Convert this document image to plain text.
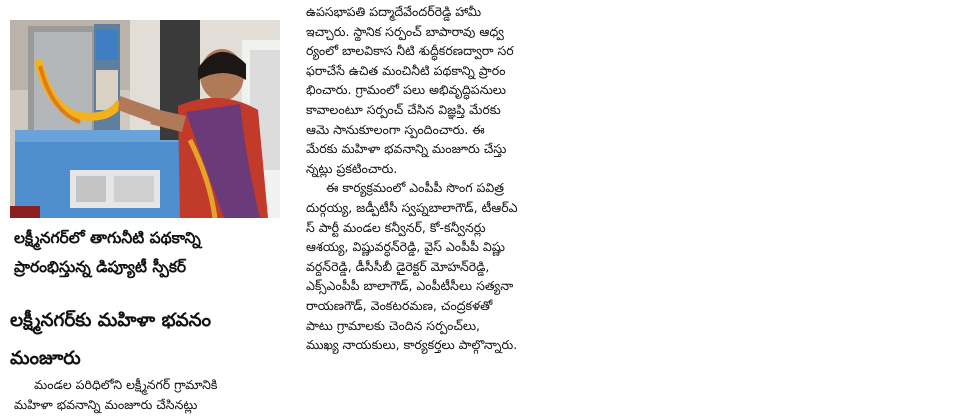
లక్ష్మీనగర్‌లో తాగునీటి పథకాన్ని
ప్రారంభిస్తున్న డిప్యూటీ స్పీకర్
లక్ష్మీనగర్‌కు మహిళా భవనం
మంజూరు
మండల పరిధిలోని లక్ష్మీనగర్ గ్రామానికి
మహిళా భవనాన్ని మంజూరు చేసినట్లు
ఉపసభాపతి పద్మాదేవేందర్‌రెడ్డి హామీ
ఇచ్చారు. స్థానిక సర్పంచ్ బాపారావు ఆధ్వ
ర్యంలో బాలవికాస నీటి శుద్ధీకరణద్వారా సర
ఫరాచేసే ఉచిత మంచినీటి పథకాన్ని ప్రారం
భించారు. గ్రామంలో పలు అభివృద్ధిపనులు
కావాలంటూ సర్పంచ్ చేసిన విజ్ఞప్తి మేరకు
ఆమె సానుకూలంగా స్పందించారు. ఈ
మేరకు మహిళా భవనాన్ని మంజూరు చేస్తు
న్నట్లు ప్రకటించారు.
ఈ కార్యక్రమంలో ఎంపీపీ సొంగ పవిత్ర
దుర్గయ్య, జడ్పీటీసీ స్వప్నబాలాగౌడ్, టీఆర్ఎ
స్ పార్టీ మండల కన్వీనర్, కో-కన్వీనర్లు
ఆశయ్య, విష్ణువర్ధన్‌రెడ్డి, వైస్ ఎంపీపీ విష్ణు
వర్ధన్‌రెడ్డి, డీసీసీబీ డైరెక్టర్ మోహన్‌రెడ్డి,
ఎక్స్‌ఎంపీపీ బాలాగౌడ్, ఎంపీటీసీలు సత్యనా
రాయణగౌడ్, వెంకటరమణ, చంద్రకళతో
పాటు గ్రామాలకు చెందిన సర్పంచ్‌లు,
ముఖ్య నాయకులు, కార్యకర్తలు పాల్గొన్నారు.
